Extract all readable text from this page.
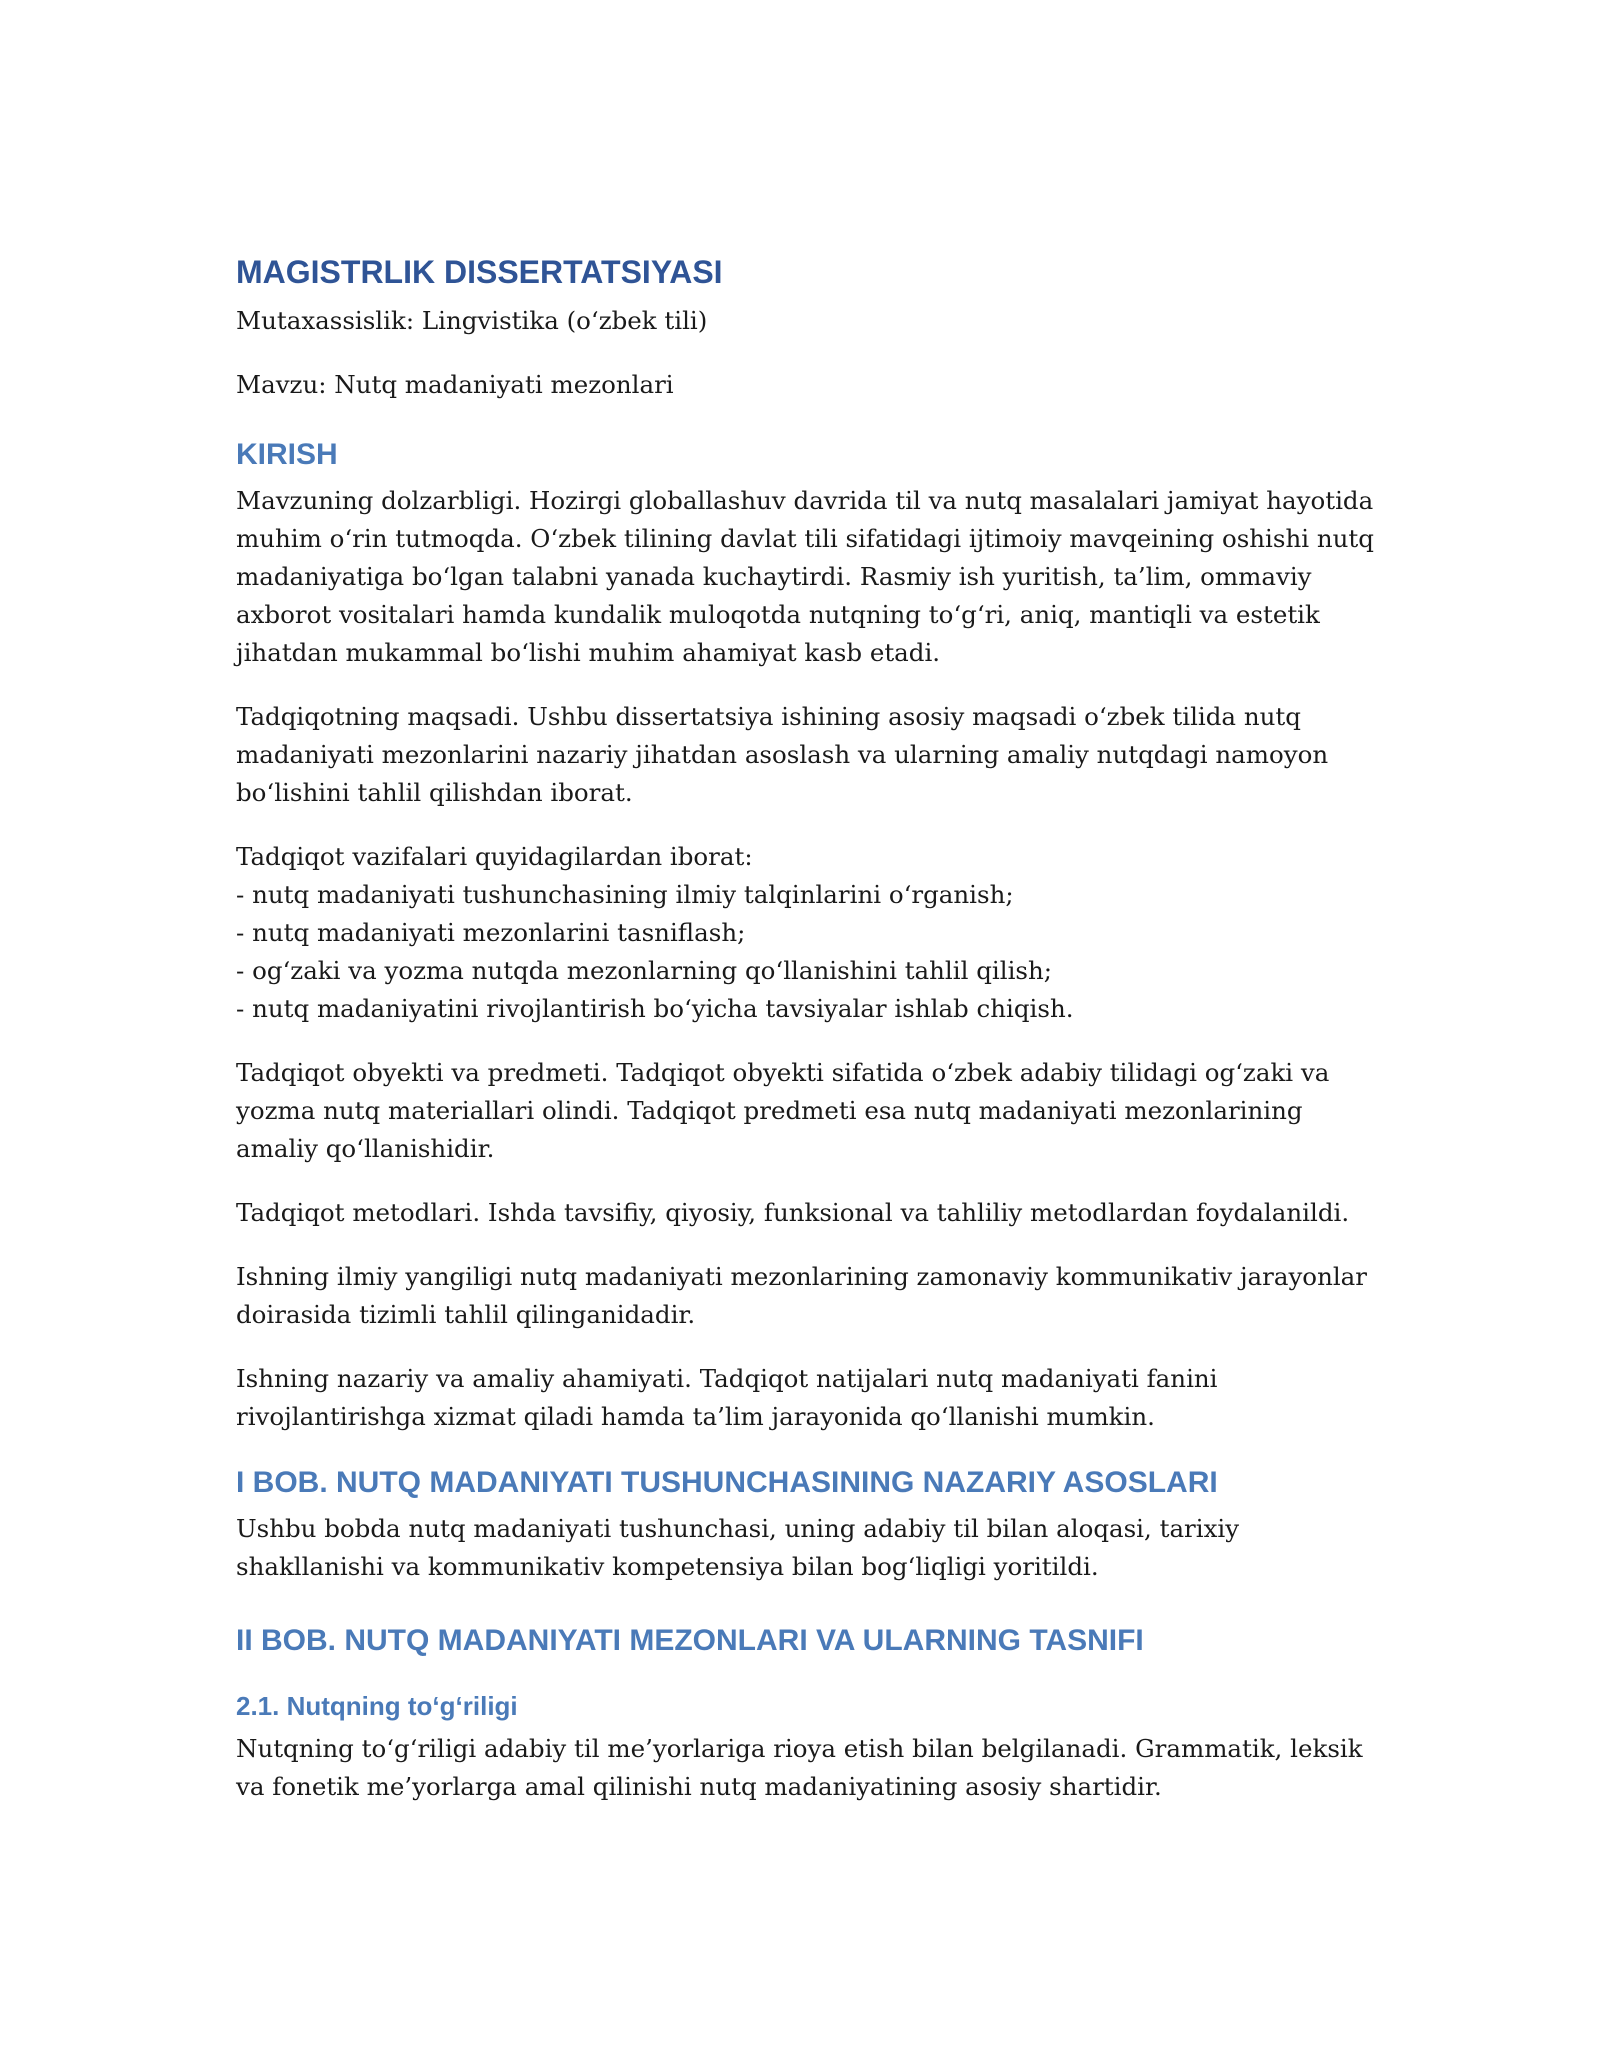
MAGISTRLIK DISSERTATSIYASI

Mutaxassislik: Lingvistika (o‘zbek tili)

Mavzu: Nutq madaniyati mezonlari

KIRISH

Mavzuning dolzarbligi. Hozirgi globallashuv davrida til va nutq masalalari jamiyat hayotida muhim o‘rin tutmoqda. O‘zbek tilining davlat tili sifatidagi ijtimoiy mavqeining oshishi nutq madaniyatiga bo‘lgan talabni yanada kuchaytirdi. Rasmiy ish yuritish, ta’lim, ommaviy axborot vositalari hamda kundalik muloqotda nutqning to‘g‘ri, aniq, mantiqli va estetik jihatdan mukammal bo‘lishi muhim ahamiyat kasb etadi.

Tadqiqotning maqsadi. Ushbu dissertatsiya ishining asosiy maqsadi o‘zbek tilida nutq madaniyati mezonlarini nazariy jihatdan asoslash va ularning amaliy nutqdagi namoyon bo‘lishini tahlil qilishdan iborat.

Tadqiqot vazifalari quyidagilardan iborat:

- nutq madaniyati tushunchasining ilmiy talqinlarini o‘rganish;

- nutq madaniyati mezonlarini tasniflash;

- og‘zaki va yozma nutqda mezonlarning qo‘llanishini tahlil qilish;

- nutq madaniyatini rivojlantirish bo‘yicha tavsiyalar ishlab chiqish.

Tadqiqot obyekti va predmeti. Tadqiqot obyekti sifatida o‘zbek adabiy tilidagi og‘zaki va yozma nutq materiallari olindi. Tadqiqot predmeti esa nutq madaniyati mezonlarining amaliy qo‘llanishidir.

Tadqiqot metodlari. Ishda tavsifiy, qiyosiy, funksional va tahliliy metodlardan foydalanildi.

Ishning ilmiy yangiligi nutq madaniyati mezonlarining zamonaviy kommunikativ jarayonlar doirasida tizimli tahlil qilinganidadir.

Ishning nazariy va amaliy ahamiyati. Tadqiqot natijalari nutq madaniyati fanini rivojlantirishga xizmat qiladi hamda ta’lim jarayonida qo‘llanishi mumkin.

I BOB. NUTQ MADANIYATI TUSHUNCHASINING NAZARIY ASOSLARI

Ushbu bobda nutq madaniyati tushunchasi, uning adabiy til bilan aloqasi, tarixiy shakllanishi va kommunikativ kompetensiya bilan bog‘liqligi yoritildi.

II BOB. NUTQ MADANIYATI MEZONLARI VA ULARNING TASNIFI
2.1. Nutqning to‘g‘riligi

Nutqning to‘g‘riligi adabiy til me’yorlariga rioya etish bilan belgilanadi. Grammatik, leksik va fonetik me’yorlarga amal qilinishi nutq madaniyatining asosiy shartidir.
